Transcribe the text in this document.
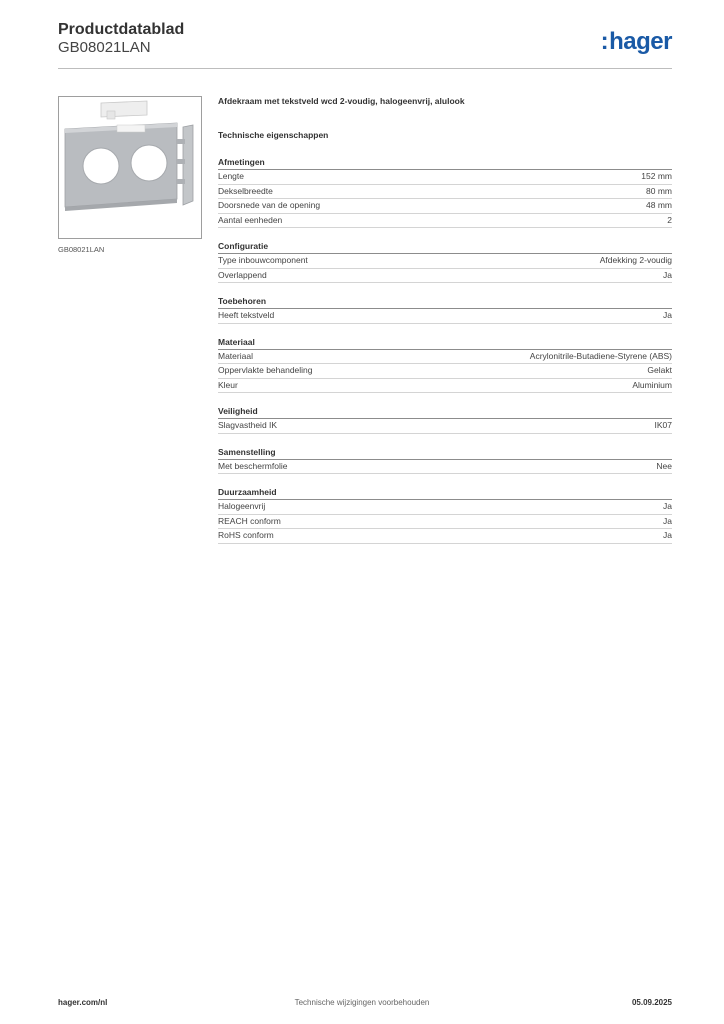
Productdatablad
GB08021LAN	:hager
GB08021LAN
Afdekraam met tekstveld wcd 2-voudig, halogeenvrij, alulook
Technische eigenschappen
Afmetingen
Lengte	152 mm
Dekselbreedte	80 mm
Doorsnede van de opening	48 mm
Aantal eenheden	2
Configuratie
Type inbouwcomponent	Afdekking 2-voudig
Overlappend	Ja
Toebehoren
Heeft tekstveld	Ja
Materiaal
Materiaal	Acrylonitrile-Butadiene-Styrene (ABS)
Oppervlakte behandeling	Gelakt
Kleur	Aluminium
Veiligheid
Slagvastheid IK	IK07
Samenstelling
Met beschermfolie	Nee
Duurzaamheid
Halogeenvrij	Ja
REACH conform	Ja
RoHS conform	Ja
hager.com/nl	Technische wijzigingen voorbehouden	05.09.2025
